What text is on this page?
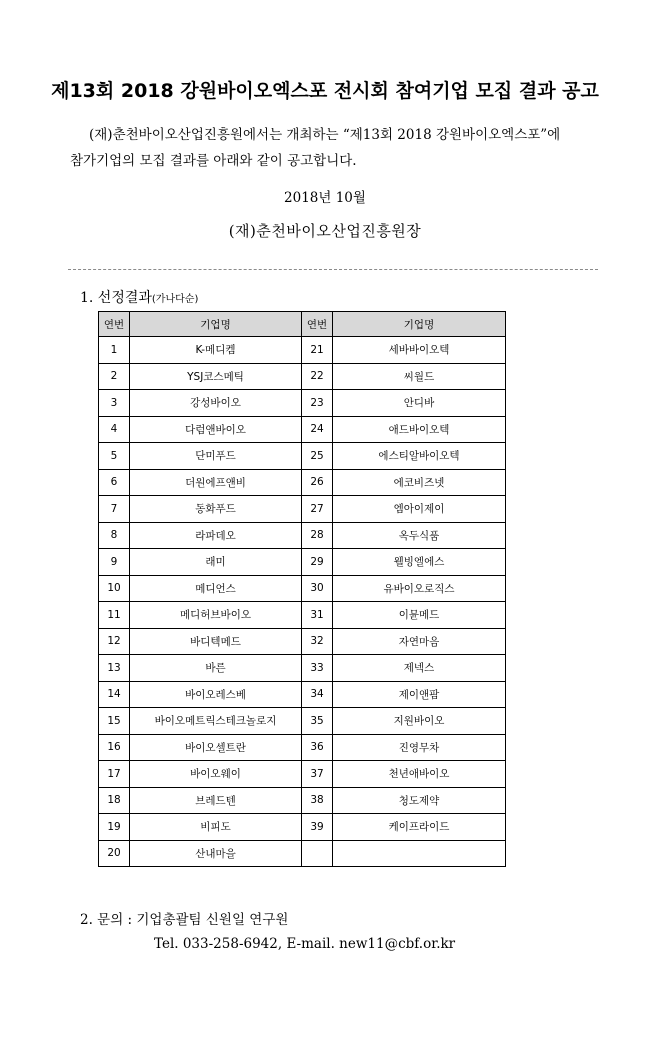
제13회 2018 강원바이오엑스포 전시회 참여기업 모집 결과 공고
(재)춘천바이오산업진흥원에서는 개최하는 “제13회 2018 강원바이오엑스포”에
참가기업의 모집 결과를 아래와 같이 공고합니다.
2018년 10월
(재)춘천바이오산업진흥원장
1. 선정결과(가나다순)
연번	기업명	연번	기업명
1	K-메디켐	21	세바바이오텍
2	YSJ코스메틱	22	씨월드
3	강성바이오	23	안디바
4	다럼앤바이오	24	애드바이오텍
5	단미푸드	25	에스티알바이오텍
6	더원에프앤비	26	에코비즈넷
7	동화푸드	27	엠아이제이
8	라파데오	28	옥두식품
9	래미	29	웰빙엘에스
10	메디언스	30	유바이오로직스
11	메디허브바이오	31	이뮨메드
12	바디텍메드	32	자연마음
13	바른	33	제넥스
14	바이오레스베	34	제이앤팜
15	바이오메트릭스테크놀로지	35	지원바이오
16	바이오셀트란	36	진영무차
17	바이오웨이	37	천년애바이오
18	브레드텐	38	청도제약
19	비피도	39	케이프라이드
20	산내마을		
2. 문의 : 기업총괄팀 신원일 연구원
Tel. 033-258-6942, E-mail. new11@cbf.or.kr
